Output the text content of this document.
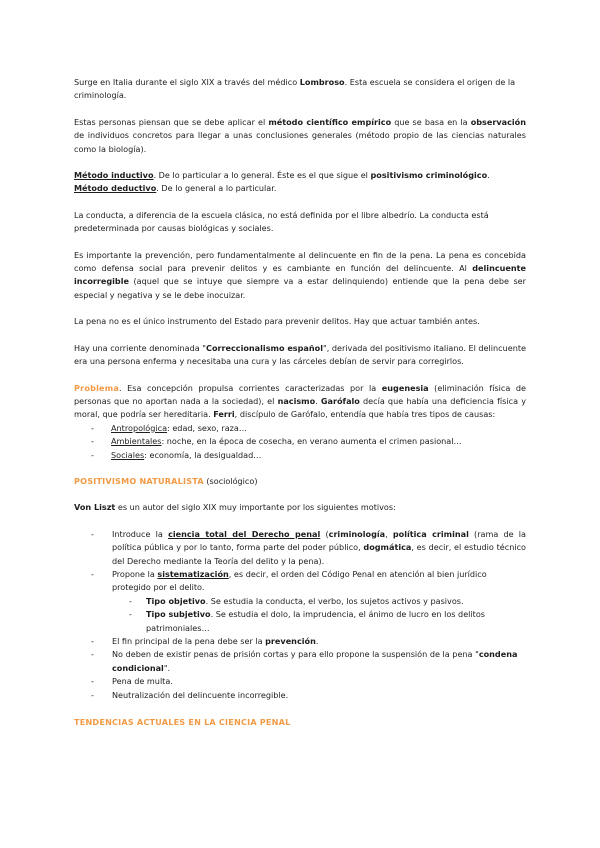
Surge en Italia durante el siglo XIX a través del médico Lombroso. Esta escuela se considera el origen de la criminología.

Estas personas piensan que se debe aplicar el método científico empírico que se basa en la observación de individuos concretos para llegar a unas conclusiones generales (método propio de las ciencias naturales como la biología).

Método inductivo. De lo particular a lo general. Éste es el que sigue el positivismo criminológico.

Método deductivo. De lo general a lo particular.

La conducta, a diferencia de la escuela clásica, no está definida por el libre albedrío. La conducta está predeterminada por causas biológicas y sociales.

Es importante la prevención, pero fundamentalmente al delincuente en fin de la pena. La pena es concebida como defensa social para prevenir delitos y es cambiante en función del delincuente. Al delincuente incorregible (aquel que se intuye que siempre va a estar delinquiendo) entiende que la pena debe ser especial y negativa y se le debe inocuizar.

La pena no es el único instrumento del Estado para prevenir delitos. Hay que actuar también antes.

Hay una corriente denominada "Correccionalismo español", derivada del positivismo italiano. El delincuente era una persona enferma y necesitaba una cura y las cárceles debían de servir para corregirlos.

Problema. Esa concepción propulsa corrientes caracterizadas por la eugenesia (eliminación física de personas que no aportan nada a la sociedad), el nacismo. Garófalo decía que había una deficiencia física y moral, que podría ser hereditaria. Ferri, discípulo de Garófalo, entendía que había tres tipos de causas:

- Antropológica: edad, sexo, raza…
- Ambientales: noche, en la época de cosecha, en verano aumenta el crimen pasional…
- Sociales: economía, la desigualdad…

POSITIVISMO NATURALISTA (sociológico)

Von Liszt es un autor del siglo XIX muy importante por los siguientes motivos:

- Introduce la ciencia total del Derecho penal (criminología, política criminal (rama de la política pública y por lo tanto, forma parte del poder público, dogmática, es decir, el estudio técnico del Derecho mediante la Teoría del delito y la pena).
- Propone la sistematización, es decir, el orden del Código Penal en atención al bien jurídico protegido por el delito.
- Tipo objetivo. Se estudia la conducta, el verbo, los sujetos activos y pasivos.
- Tipo subjetivo. Se estudia el dolo, la imprudencia, el ánimo de lucro en los delitos patrimoniales…
- El fin principal de la pena debe ser la prevención.
- No deben de existir penas de prisión cortas y para ello propone la suspensión de la pena "condena condicional".
- Pena de multa.
- Neutralización del delincuente incorregible.

TENDENCIAS ACTUALES EN LA CIENCIA PENAL
